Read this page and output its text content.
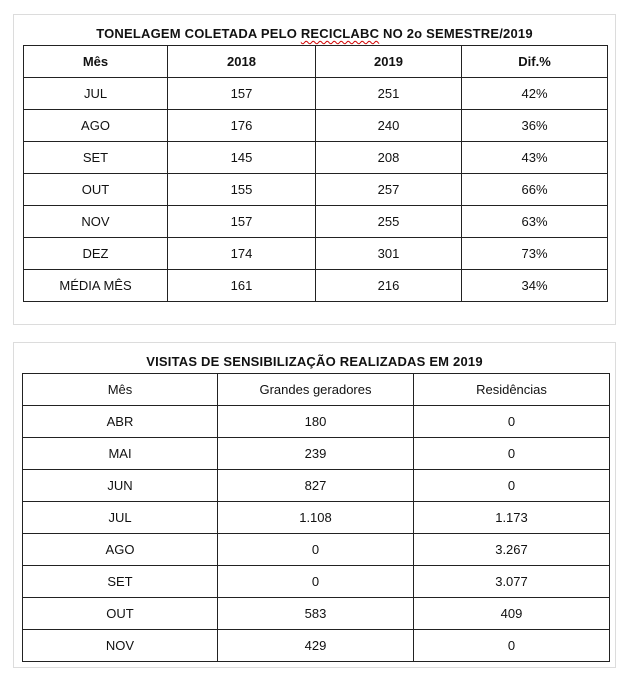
TONELAGEM COLETADA PELO RECICLABC NO 2o SEMESTRE/2019
Mês	2018	2019	Dif.%
JUL	157	251	42%
AGO	176	240	36%
SET	145	208	43%
OUT	155	257	66%
NOV	157	255	63%
DEZ	174	301	73%
MÉDIA MÊS	161	216	34%
VISITAS DE SENSIBILIZAÇÃO REALIZADAS EM 2019
Mês	Grandes geradores	Residências
ABR	180	0
MAI	239	0
JUN	827	0
JUL	1.108	1.173
AGO	0	3.267
SET	0	3.077
OUT	583	409
NOV	429	0
